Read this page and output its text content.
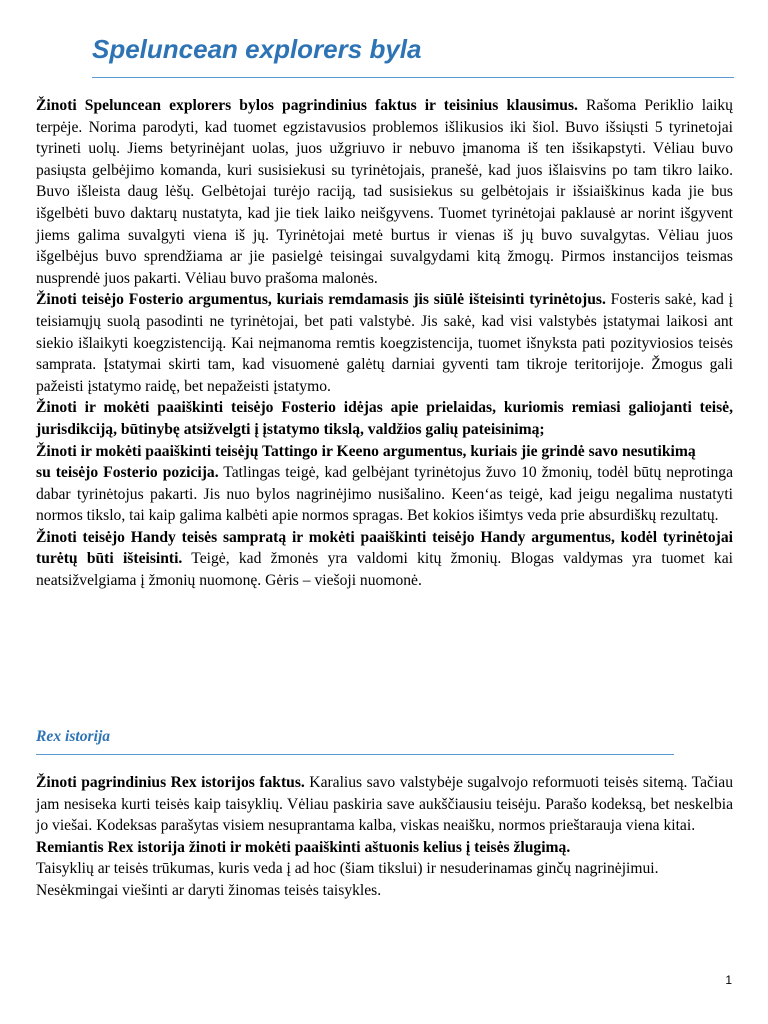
Speluncean explorers byla

Žinoti Speluncean explorers bylos pagrindinius faktus ir teisinius klausimus. Rašoma Periklio laikų terpėje. Norima parodyti, kad tuomet egzistavusios problemos išlikusios iki šiol. Buvo išsiųsti 5 tyrinetojai tyrineti uolų. Jiems betyrinėjant uolas, juos užgriuvo ir nebuvo įmanoma iš ten išsikapstyti. Vėliau buvo pasiųsta gelbėjimo komanda, kuri susisiekusi su tyrinėtojais, pranešė, kad juos išlaisvins po tam tikro laiko. Buvo išleista daug lėšų. Gelbėtojai turėjo raciją, tad susisiekus su gelbėtojais ir išsiaiškinus kada jie bus išgelbėti buvo daktarų nustatyta, kad jie tiek laiko neišgyvens. Tuomet tyrinėtojai paklausė ar norint išgyvent jiems galima suvalgyti viena iš jų. Tyrinėtojai metė burtus ir vienas iš jų buvo suvalgytas. Vėliau juos išgelbėjus buvo sprendžiama ar jie pasielgė teisingai suvalgydami kitą žmogų. Pirmos instancijos teismas nusprendė juos pakarti. Vėliau buvo prašoma malonės.

Žinoti teisėjo Fosterio argumentus, kuriais remdamasis jis siūlė išteisinti tyrinėtojus. Fosteris sakė, kad į teisiamųjų suolą pasodinti ne tyrinėtojai, bet pati valstybė. Jis sakė, kad visi valstybės įstatymai laikosi ant siekio išlaikyti koegzistenciją. Kai neįmanoma remtis koegzistencija, tuomet išnyksta pati pozityviosios teisės samprata. Įstatymai skirti tam, kad visuomenė galėtų darniai gyventi tam tikroje teritorijoje. Žmogus gali pažeisti įstatymo raidę, bet nepažeisti įstatymo.

Žinoti ir mokėti paaiškinti teisėjo Fosterio idėjas apie prielaidas, kuriomis remiasi galiojanti teisė, jurisdikciją, būtinybę atsižvelgti į įstatymo tikslą, valdžios galių pateisinimą;

Žinoti ir mokėti paaiškinti teisėjų Tattingo ir Keeno argumentus, kuriais jie grindė savo nesutikimą

su teisėjo Fosterio pozicija. Tatlingas teigė, kad gelbėjant tyrinėtojus žuvo 10 žmonių, todėl būtų neprotinga dabar tyrinėtojus pakarti. Jis nuo bylos nagrinėjimo nusišalino. Keen‘as teigė, kad jeigu negalima nustatyti normos tikslo, tai kaip galima kalbėti apie normos spragas. Bet kokios išimtys veda prie absurdiškų rezultatų.

Žinoti teisėjo Handy teisės sampratą ir mokėti paaiškinti teisėjo Handy argumentus, kodėl tyrinėtojai turėtų būti išteisinti. Teigė, kad žmonės yra valdomi kitų žmonių. Blogas valdymas yra tuomet kai neatsižvelgiama į žmonių nuomonę. Gėris – viešoji nuomonė.

Rex istorija

Žinoti pagrindinius Rex istorijos faktus. Karalius savo valstybėje sugalvojo reformuoti teisės sitemą. Tačiau jam nesiseka kurti teisės kaip taisyklių. Vėliau paskiria save aukščiausiu teisėju. Parašo kodeksą, bet neskelbia jo viešai. Kodeksas parašytas visiem nesuprantama kalba, viskas neaišku, normos prieštarauja viena kitai.

Remiantis Rex istorija žinoti ir mokėti paaiškinti aštuonis kelius į teisės žlugimą.

Taisyklių ar teisės trūkumas, kuris veda į ad hoc (šiam tikslui) ir nesuderinamas ginčų nagrinėjimui.

Nesėkmingai viešinti ar daryti žinomas teisės taisykles.

1
